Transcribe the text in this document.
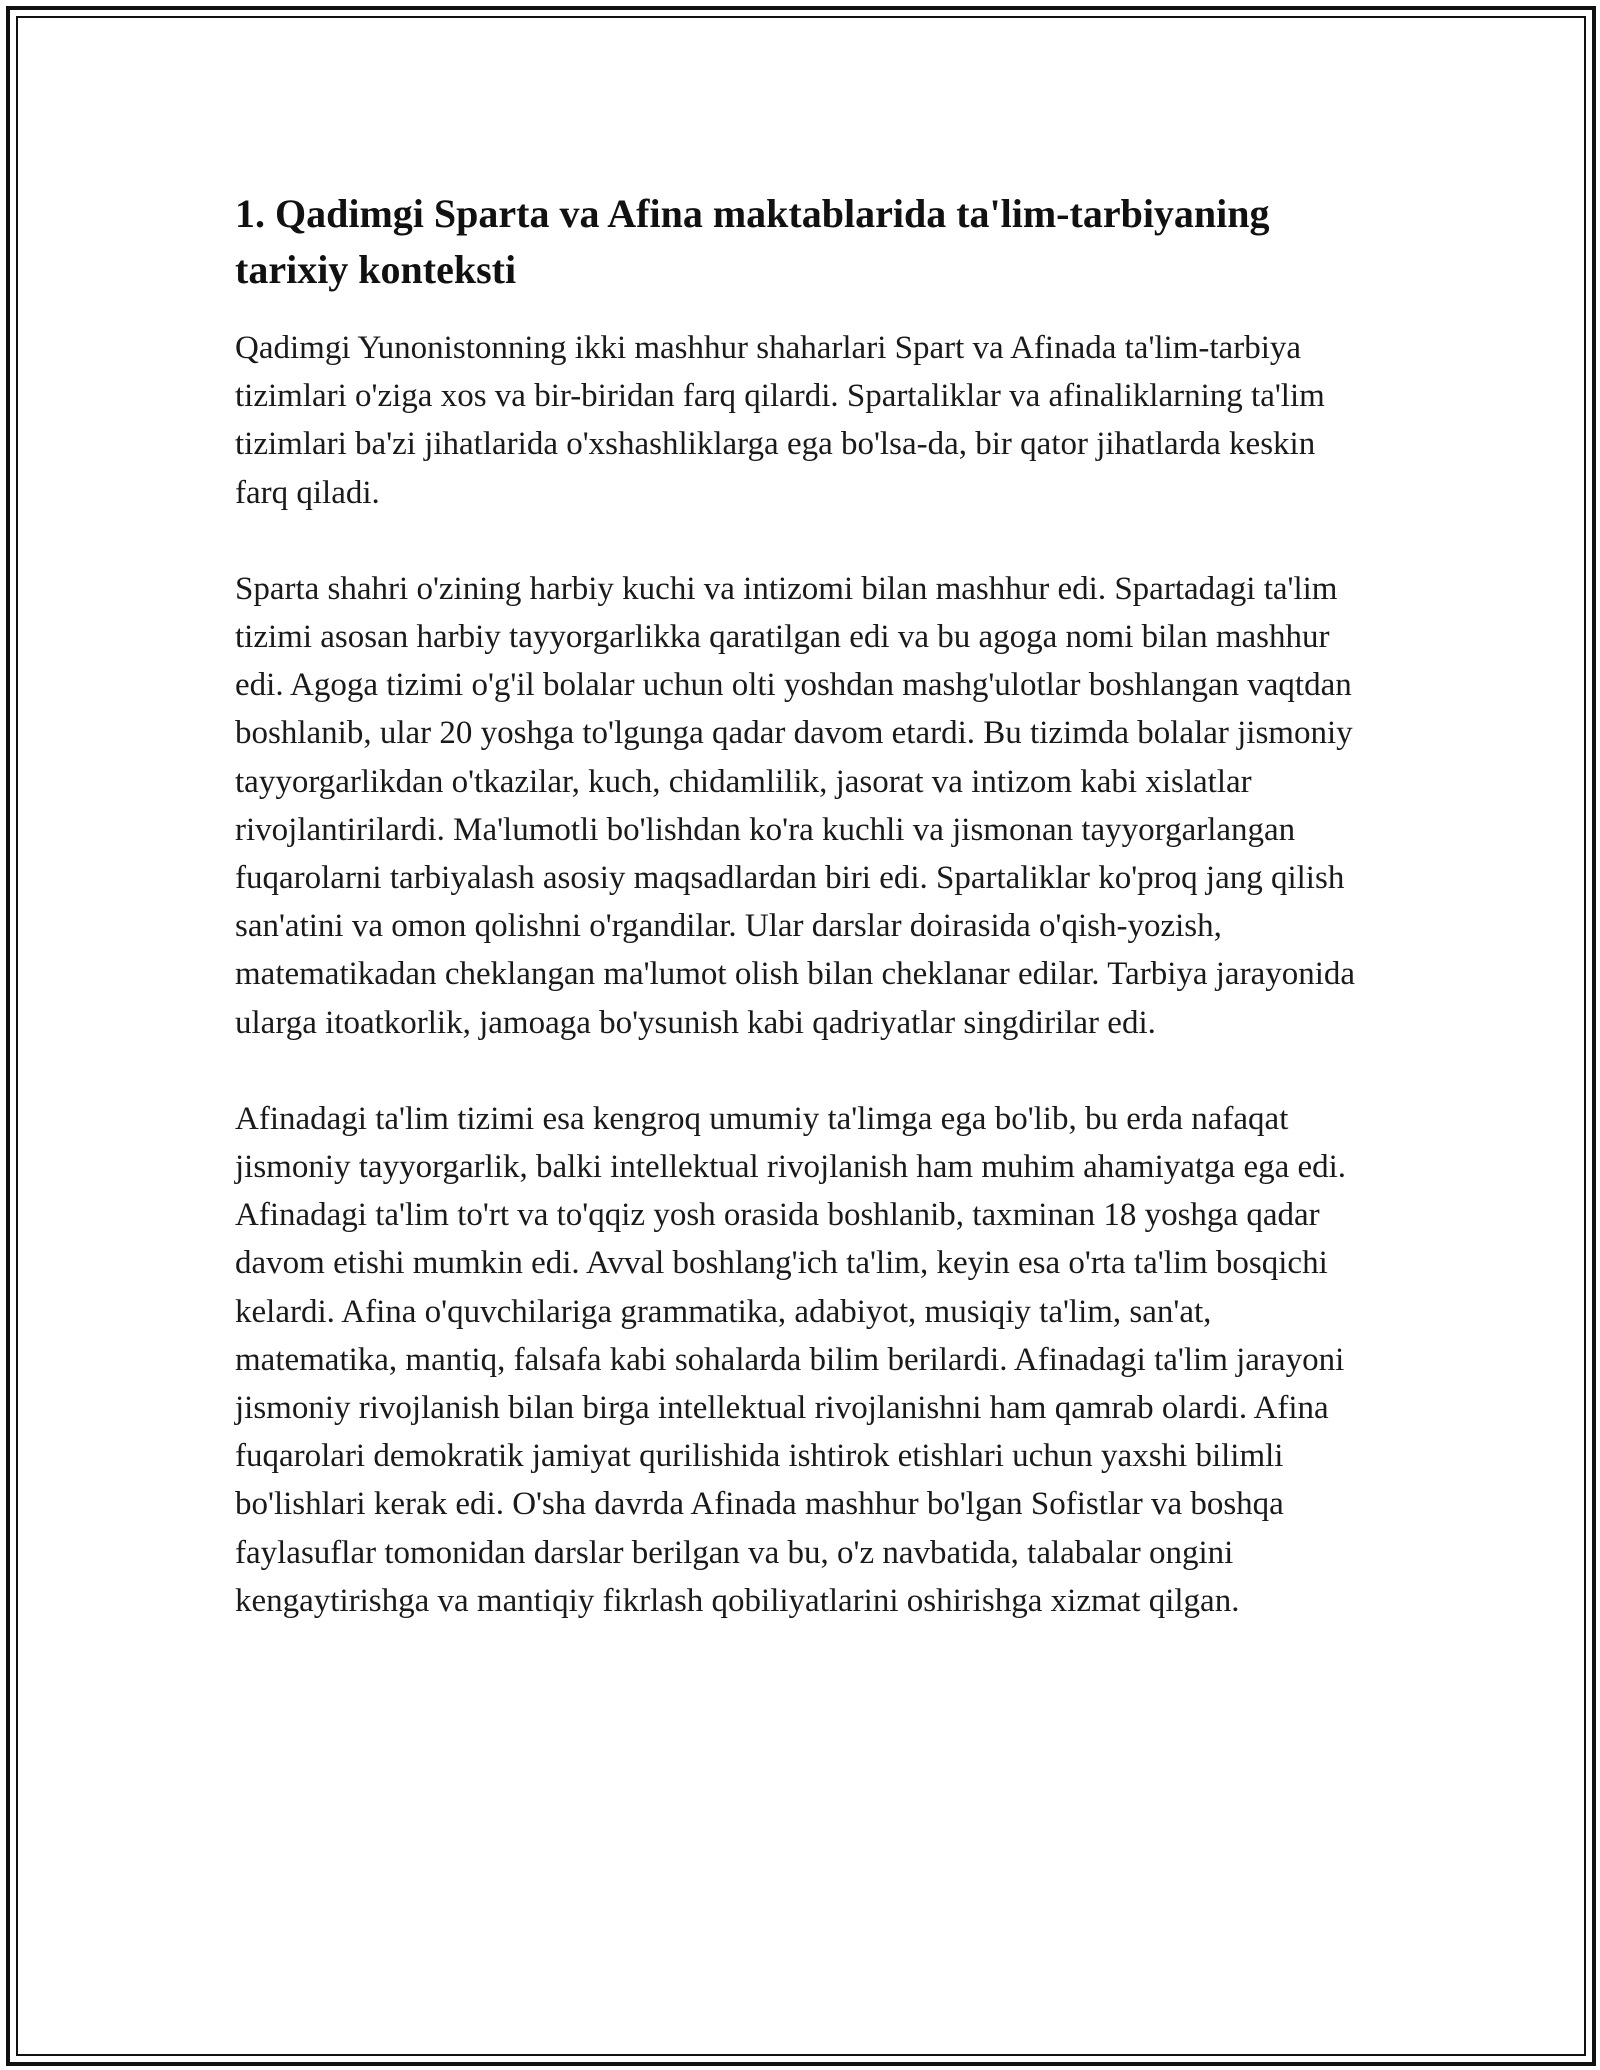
1. Qadimgi Sparta va Afina maktablarida ta'lim-tarbiyaning tarixiy konteksti

Qadimgi Yunonistonning ikki mashhur shaharlari Spart va Afinada ta'lim-tarbiya tizimlari o'ziga xos va bir-biridan farq qilardi. Spartaliklar va afinaliklarning ta'lim tizimlari ba'zi jihatlarida o'xshashliklarga ega bo'lsa-da, bir qator jihatlarda keskin farq qiladi.

Sparta shahri o'zining harbiy kuchi va intizomi bilan mashhur edi. Spartadagi ta'lim tizimi asosan harbiy tayyorgarlikka qaratilgan edi va bu agoga nomi bilan mashhur edi. Agoga tizimi o'g'il bolalar uchun olti yoshdan mashg'ulotlar boshlangan vaqtdan boshlanib, ular 20 yoshga to'lgunga qadar davom etardi. Bu tizimda bolalar jismoniy tayyorgarlikdan o'tkazilar, kuch, chidamlilik, jasorat va intizom kabi xislatlar rivojlantirilardi. Ma'lumotli bo'lishdan ko'ra kuchli va jismonan tayyorgarlangan fuqarolarni tarbiyalash asosiy maqsadlardan biri edi. Spartaliklar ko'proq jang qilish san'atini va omon qolishni o'rgandilar. Ular darslar doirasida o'qish-yozish, matematikadan cheklangan ma'lumot olish bilan cheklanar edilar. Tarbiya jarayonida ularga itoatkorlik, jamoaga bo'ysunish kabi qadriyatlar singdirilar edi.

Afinadagi ta'lim tizimi esa kengroq umumiy ta'limga ega bo'lib, bu erda nafaqat jismoniy tayyorgarlik, balki intellektual rivojlanish ham muhim ahamiyatga ega edi. Afinadagi ta'lim to'rt va to'qqiz yosh orasida boshlanib, taxminan 18 yoshga qadar davom etishi mumkin edi. Avval boshlang'ich ta'lim, keyin esa o'rta ta'lim bosqichi kelardi. Afina o'quvchilariga grammatika, adabiyot, musiqiy ta'lim, san'at, matematika, mantiq, falsafa kabi sohalarda bilim berilardi. Afinadagi ta'lim jarayoni jismoniy rivojlanish bilan birga intellektual rivojlanishni ham qamrab olardi. Afina fuqarolari demokratik jamiyat qurilishida ishtirok etishlari uchun yaxshi bilimli bo'lishlari kerak edi. O'sha davrda Afinada mashhur bo'lgan Sofistlar va boshqa faylasuflar tomonidan darslar berilgan va bu, o'z navbatida, talabalar ongini kengaytirishga va mantiqiy fikrlash qobiliyatlarini oshirishga xizmat qilgan.
